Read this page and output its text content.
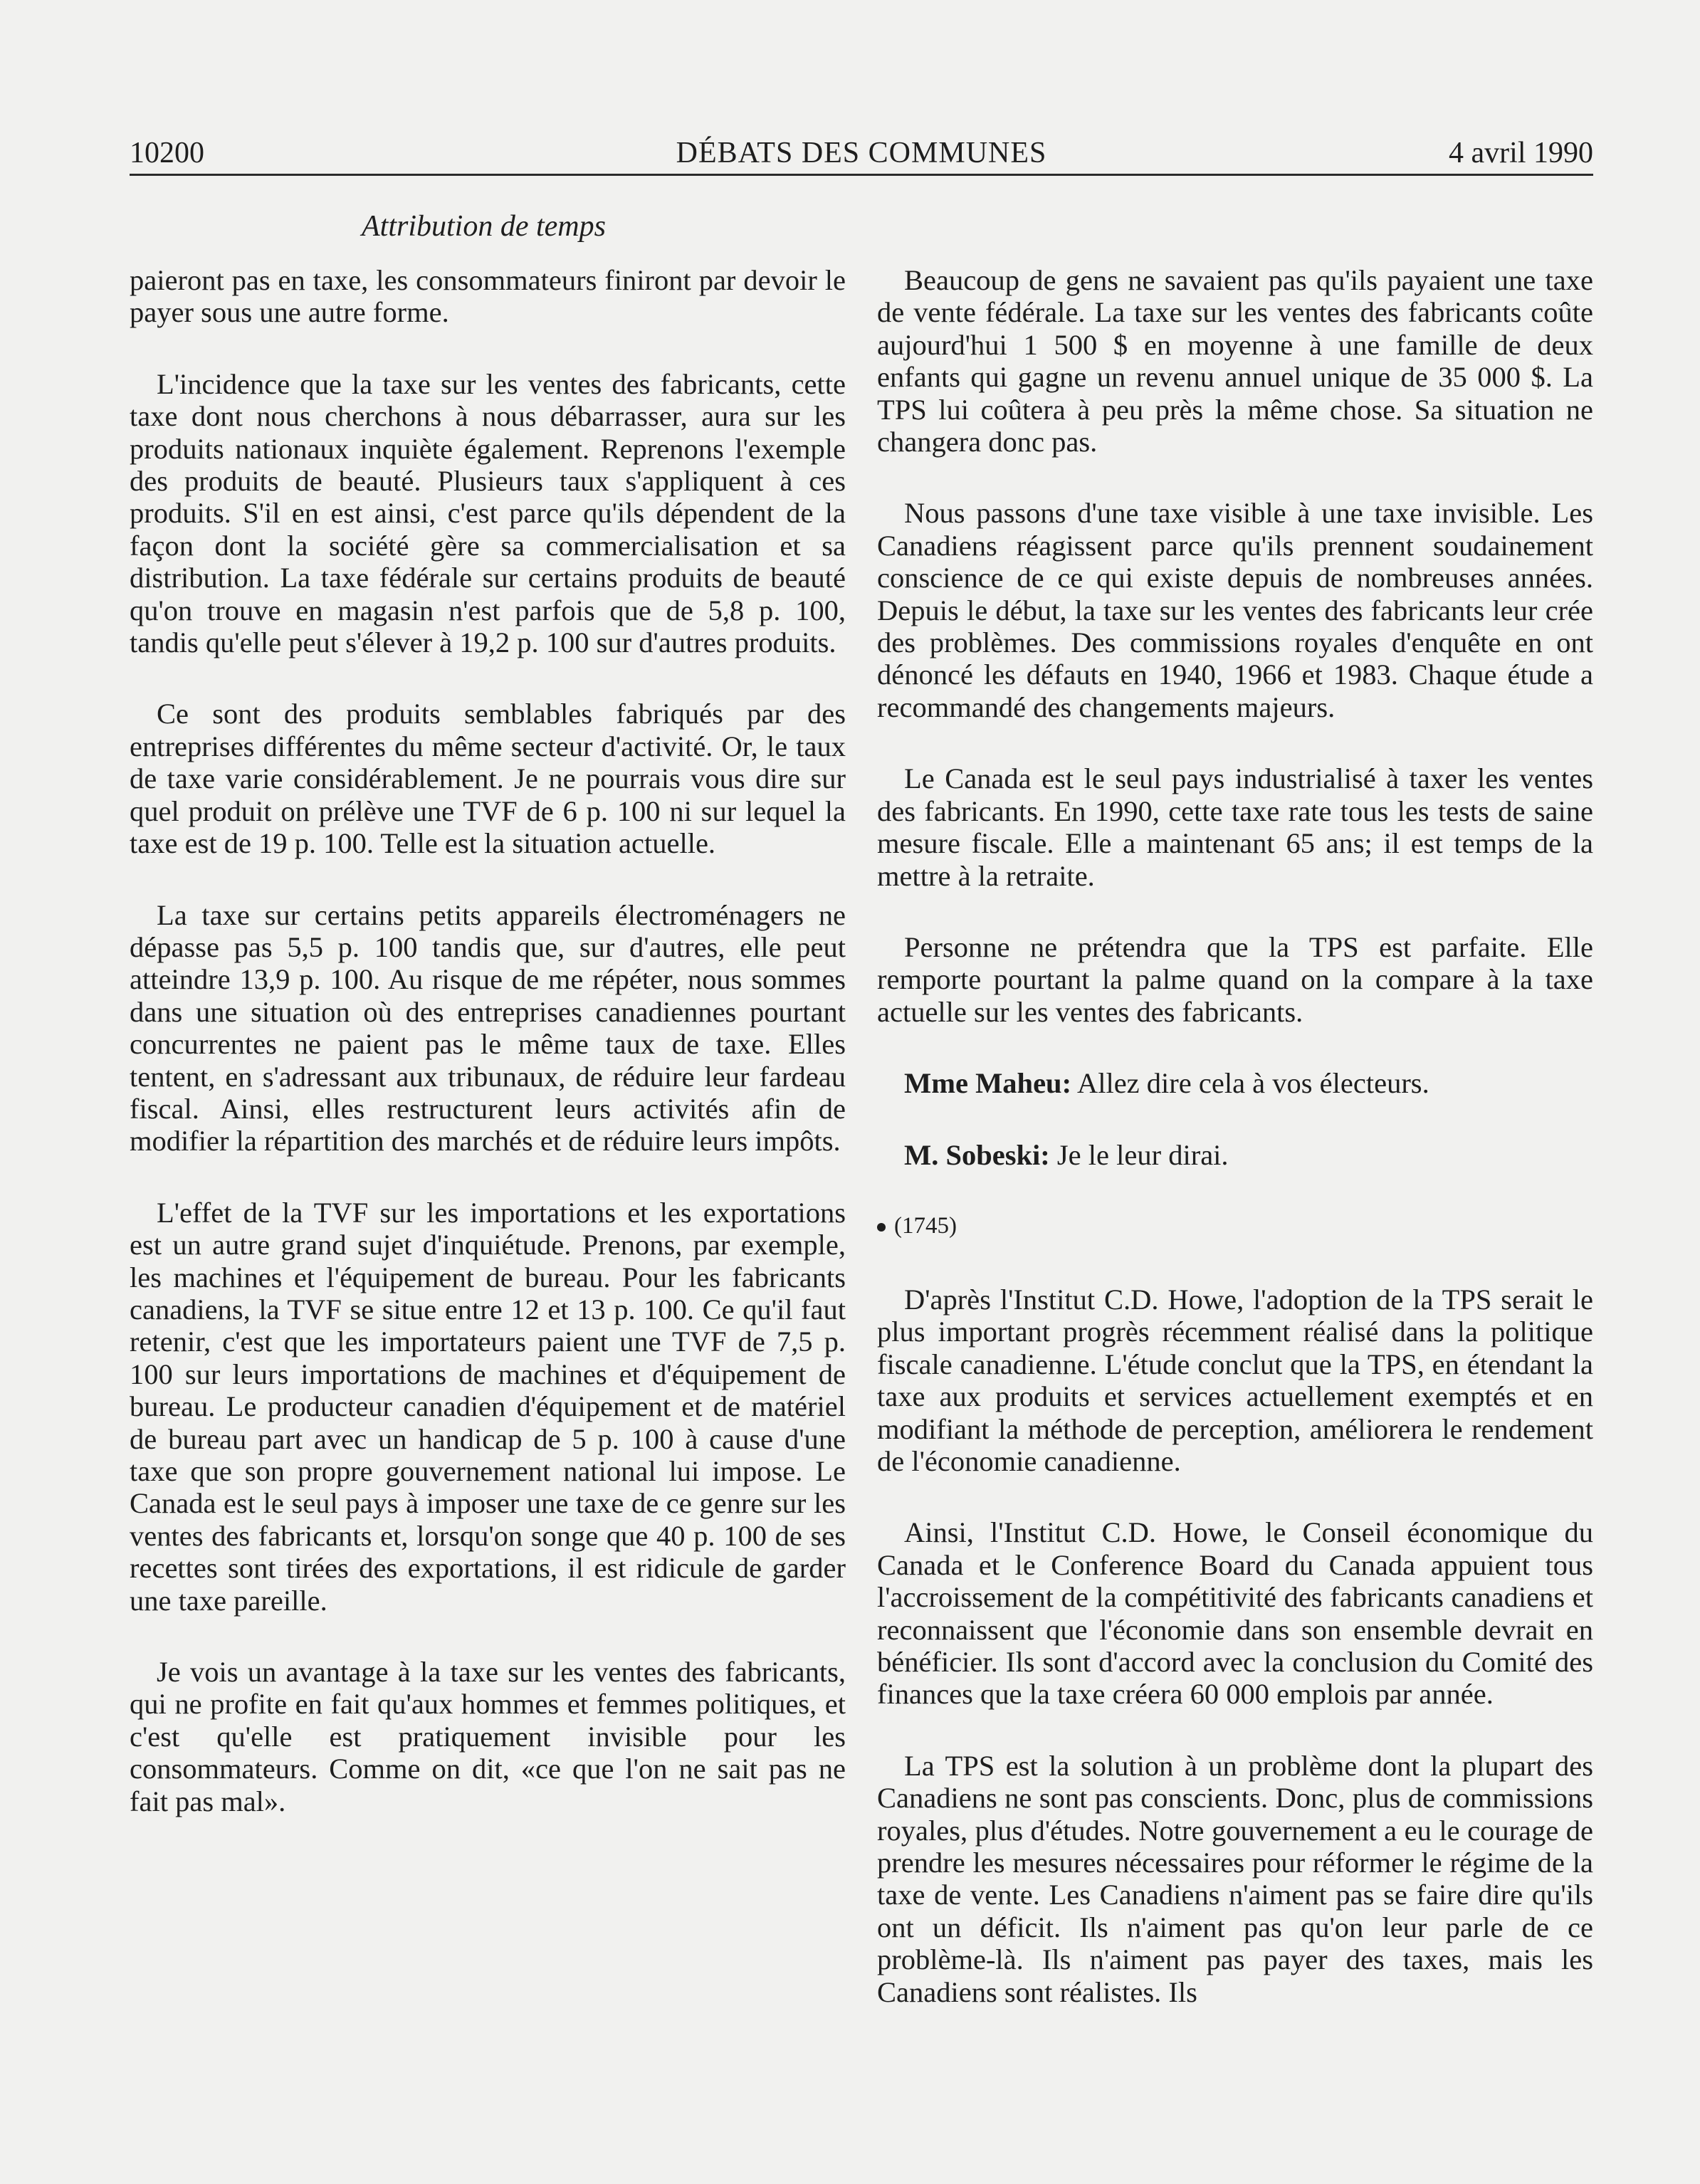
10200	DÉBATS DES COMMUNES	4 avril 1990
Attribution de temps

paieront pas en taxe, les consommateurs finiront par devoir le payer sous une autre forme.

L'incidence que la taxe sur les ventes des fabricants, cette taxe dont nous cherchons à nous débarrasser, aura sur les produits nationaux inquiète également. Reprenons l'exemple des produits de beauté. Plusieurs taux s'appliquent à ces produits. S'il en est ainsi, c'est parce qu'ils dépendent de la façon dont la société gère sa commercialisation et sa distribution. La taxe fédérale sur certains produits de beauté qu'on trouve en magasin n'est parfois que de 5,8 p. 100, tandis qu'elle peut s'élever à 19,2 p. 100 sur d'autres produits.

Ce sont des produits semblables fabriqués par des entreprises différentes du même secteur d'activité. Or, le taux de taxe varie considérablement. Je ne pourrais vous dire sur quel produit on prélève une TVF de 6 p. 100 ni sur lequel la taxe est de 19 p. 100. Telle est la situation actuelle.

La taxe sur certains petits appareils électroménagers ne dépasse pas 5,5 p. 100 tandis que, sur d'autres, elle peut atteindre 13,9 p. 100. Au risque de me répéter, nous sommes dans une situation où des entreprises canadiennes pourtant concurrentes ne paient pas le même taux de taxe. Elles tentent, en s'adressant aux tribunaux, de réduire leur fardeau fiscal. Ainsi, elles restructurent leurs activités afin de modifier la répartition des marchés et de réduire leurs impôts.

L'effet de la TVF sur les importations et les exportations est un autre grand sujet d'inquiétude. Prenons, par exemple, les machines et l'équipement de bureau. Pour les fabricants canadiens, la TVF se situe entre 12 et 13 p. 100. Ce qu'il faut retenir, c'est que les importateurs paient une TVF de 7,5 p. 100 sur leurs importations de machines et d'équipement de bureau. Le producteur canadien d'équipement et de matériel de bureau part avec un handicap de 5 p. 100 à cause d'une taxe que son propre gouvernement national lui impose. Le Canada est le seul pays à imposer une taxe de ce genre sur les ventes des fabricants et, lorsqu'on songe que 40 p. 100 de ses recettes sont tirées des exportations, il est ridicule de garder une taxe pareille.

Je vois un avantage à la taxe sur les ventes des fabricants, qui ne profite en fait qu'aux hommes et femmes politiques, et c'est qu'elle est pratiquement invisible pour les consommateurs. Comme on dit, «ce que l'on ne sait pas ne fait pas mal».

Beaucoup de gens ne savaient pas qu'ils payaient une taxe de vente fédérale. La taxe sur les ventes des fabricants coûte aujourd'hui 1 500 $ en moyenne à une famille de deux enfants qui gagne un revenu annuel unique de 35 000 $. La TPS lui coûtera à peu près la même chose. Sa situation ne changera donc pas.

Nous passons d'une taxe visible à une taxe invisible. Les Canadiens réagissent parce qu'ils prennent soudainement conscience de ce qui existe depuis de nombreuses années. Depuis le début, la taxe sur les ventes des fabricants leur crée des problèmes. Des commissions royales d'enquête en ont dénoncé les défauts en 1940, 1966 et 1983. Chaque étude a recommandé des changements majeurs.

Le Canada est le seul pays industrialisé à taxer les ventes des fabricants. En 1990, cette taxe rate tous les tests de saine mesure fiscale. Elle a maintenant 65 ans; il est temps de la mettre à la retraite.

Personne ne prétendra que la TPS est parfaite. Elle remporte pourtant la palme quand on la compare à la taxe actuelle sur les ventes des fabricants.

Mme Maheu: Allez dire cela à vos électeurs.

M. Sobeski: Je le leur dirai.

(1745)

D'après l'Institut C.D. Howe, l'adoption de la TPS serait le plus important progrès récemment réalisé dans la politique fiscale canadienne. L'étude conclut que la TPS, en étendant la taxe aux produits et services actuellement exemptés et en modifiant la méthode de perception, améliorera le rendement de l'économie canadienne.

Ainsi, l'Institut C.D. Howe, le Conseil économique du Canada et le Conference Board du Canada appuient tous l'accroissement de la compétitivité des fabricants canadiens et reconnaissent que l'économie dans son ensemble devrait en bénéficier. Ils sont d'accord avec la conclusion du Comité des finances que la taxe créera 60 000 emplois par année.

La TPS est la solution à un problème dont la plupart des Canadiens ne sont pas conscients. Donc, plus de commissions royales, plus d'études. Notre gouvernement a eu le courage de prendre les mesures nécessaires pour réformer le régime de la taxe de vente. Les Canadiens n'aiment pas se faire dire qu'ils ont un déficit. Ils n'aiment pas qu'on leur parle de ce problème-là. Ils n'aiment pas payer des taxes, mais les Canadiens sont réalistes. Ils
